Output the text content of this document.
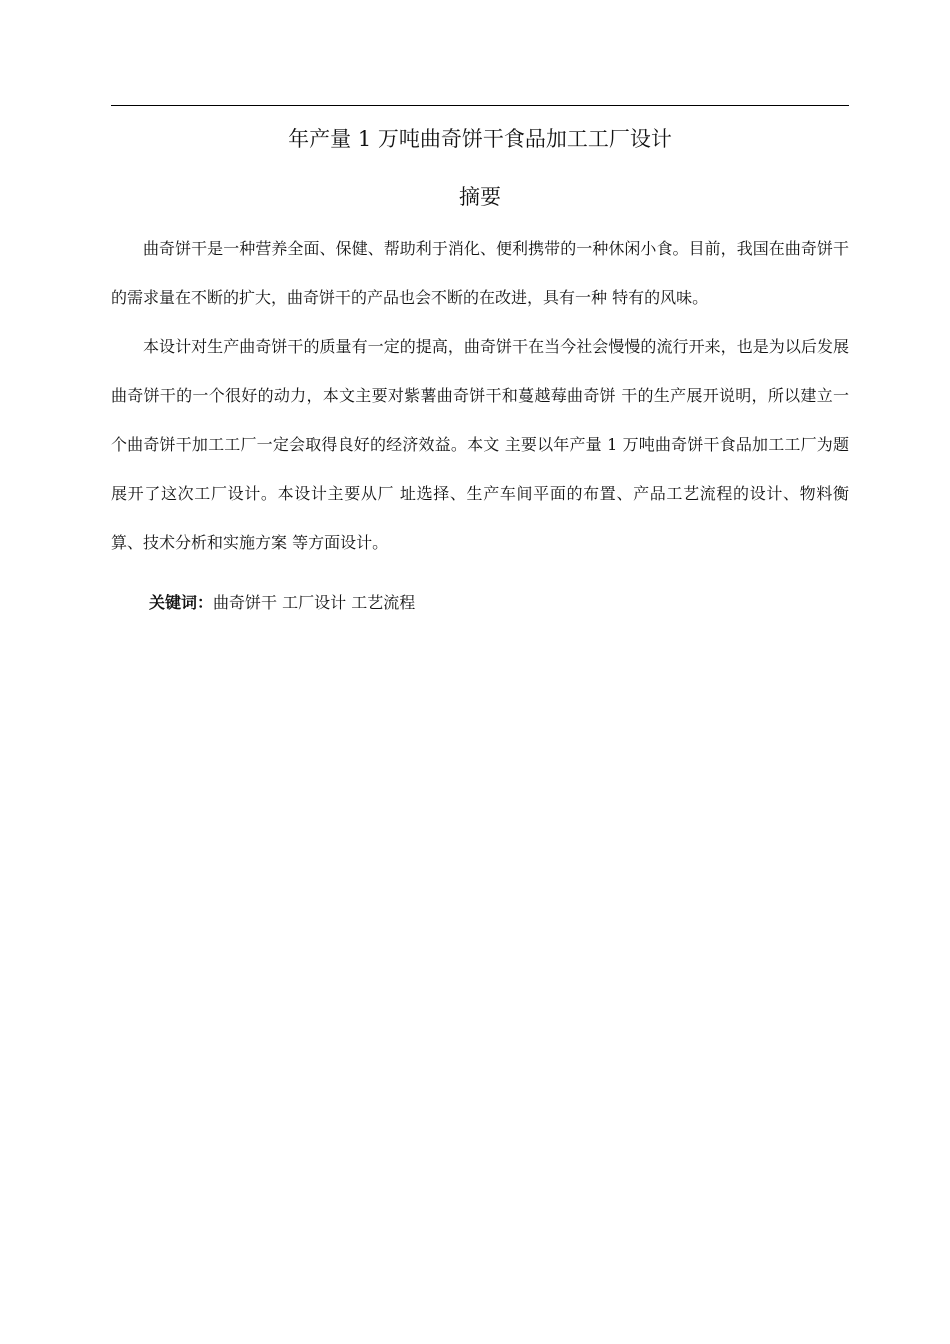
年产量 1 万吨曲奇饼干食品加工工厂设计
摘要

曲奇饼干是一种营养全面、保健、帮助利于消化、便利携带的一种休闲小食。目前，我国在曲奇饼干的需求量在不断的扩大，曲奇饼干的产品也会不断的在改进，具有一种 特有的风味。

本设计对生产曲奇饼干的质量有一定的提高，曲奇饼干在当今社会慢慢的流行开来，也是为以后发展曲奇饼干的一个很好的动力，本文主要对紫薯曲奇饼干和蔓越莓曲奇饼 干的生产展开说明，所以建立一个曲奇饼干加工工厂一定会取得良好的经济效益。本文 主要以年产量 1 万吨曲奇饼干食品加工工厂为题展开了这次工厂设计。本设计主要从厂 址选择、生产车间平面的布置、产品工艺流程的设计、物料衡算、技术分析和实施方案 等方面设计。

关键词：曲奇饼干 工厂设计 工艺流程
